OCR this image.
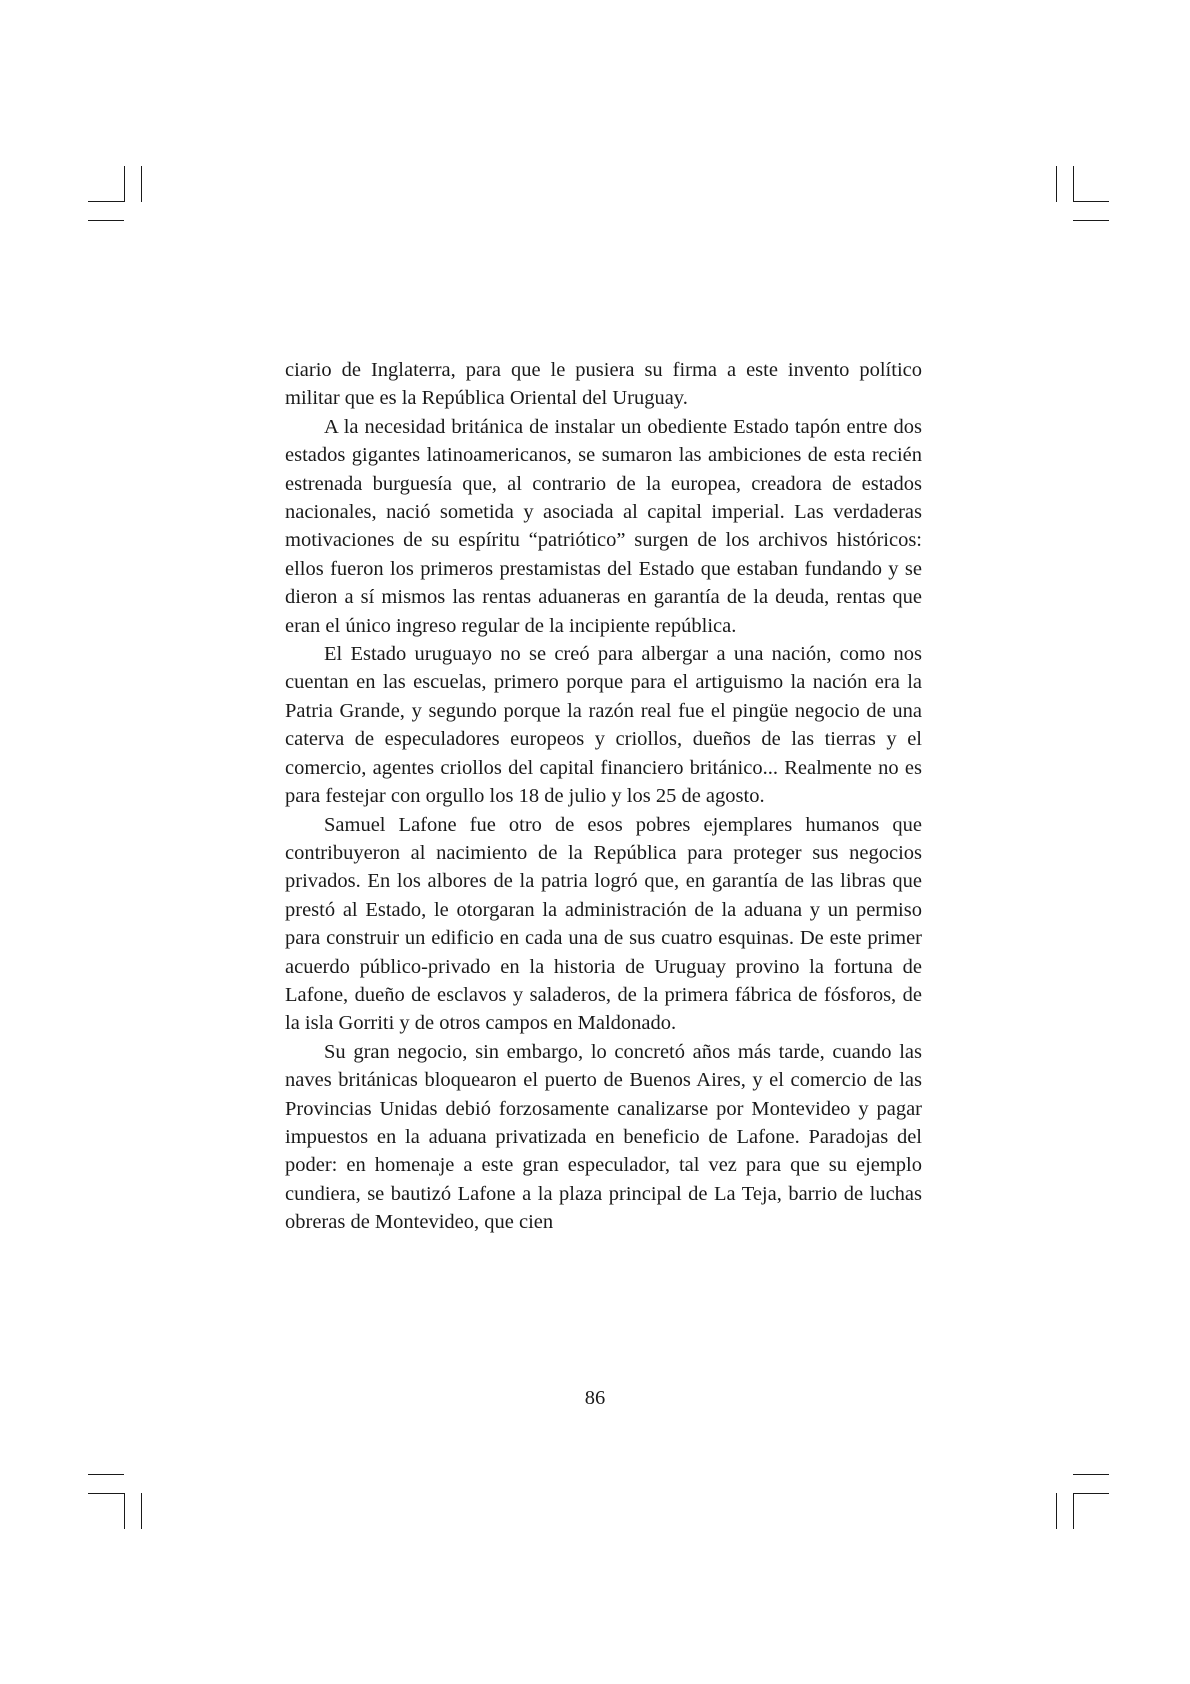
ciario de Inglaterra, para que le pusiera su firma a este invento político militar que es la República Oriental del Uruguay.

A la necesidad británica de instalar un obediente Estado tapón entre dos estados gigantes latinoamericanos, se sumaron las ambiciones de esta recién estrenada burguesía que, al contrario de la europea, creadora de estados nacionales, nació sometida y asociada al capital imperial. Las verdaderas motivaciones de su espíritu “patriótico” surgen de los archivos históricos: ellos fueron los primeros prestamistas del Estado que estaban fundando y se dieron a sí mismos las rentas aduaneras en garantía de la deuda, rentas que eran el único ingreso regular de la incipiente república.

El Estado uruguayo no se creó para albergar a una nación, como nos cuentan en las escuelas, primero porque para el artiguismo la nación era la Patria Grande, y segundo porque la razón real fue el pingüe negocio de una caterva de especuladores europeos y criollos, dueños de las tierras y el comercio, agentes criollos del capital financiero británico... Realmente no es para festejar con orgullo los 18 de julio y los 25 de agosto.

Samuel Lafone fue otro de esos pobres ejemplares humanos que contribuyeron al nacimiento de la República para proteger sus negocios privados. En los albores de la patria logró que, en garantía de las libras que prestó al Estado, le otorgaran la administración de la aduana y un permiso para construir un edificio en cada una de sus cuatro esquinas. De este primer acuerdo público-privado en la historia de Uruguay provino la fortuna de Lafone, dueño de esclavos y saladeros, de la primera fábrica de fósforos, de la isla Gorriti y de otros campos en Maldonado.

Su gran negocio, sin embargo, lo concretó años más tarde, cuando las naves británicas bloquearon el puerto de Buenos Aires, y el comercio de las Provincias Unidas debió forzosamente canalizarse por Montevideo y pagar impuestos en la aduana privatizada en beneficio de Lafone. Paradojas del poder: en homenaje a este gran especulador, tal vez para que su ejemplo cundiera, se bautizó Lafone a la plaza principal de La Teja, barrio de luchas obreras de Montevideo, que cien

86
